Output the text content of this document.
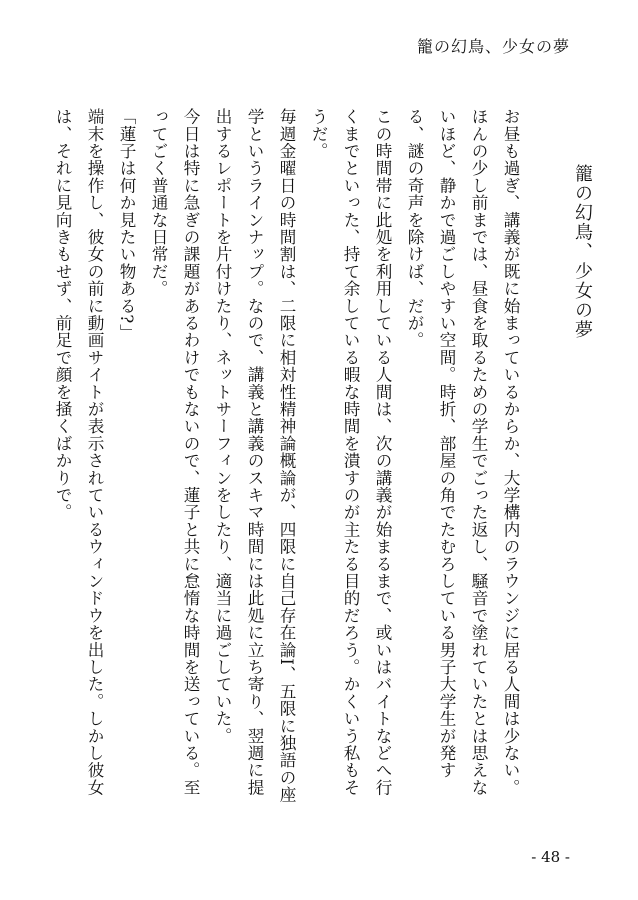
籠の幻鳥、少女の夢
籠の幻鳥、少女の夢

お昼も過ぎ、講義が既に始まっているからか、大学構内のラウンジに居る人間は少ない。

ほんの少し前までは、昼食を取るための学生でごった返し、騒音で塗れていたとは思えないほど、静かで過ごしやすい空間。時折、部屋の角でたむろしている男子大学生が発する、謎の奇声を除けば、だが。

この時間帯に此処を利用している人間は、次の講義が始まるまで、或いはバイトなどへ行くまでといった、持て余している暇な時間を潰すのが主たる目的だろう。かくいう私もそうだ。

毎週金曜日の時間割は、二限に相対性精神論概論が、四限に自己存在論I、五限に独語の座学というラインナップ。なので、講義と講義のスキマ時間には此処に立ち寄り、翌週に提出するレポートを片付けたり、ネットサーフィンをしたり、適当に過ごしていた。

今日は特に急ぎの課題があるわけでもないので、蓮子と共に怠惰な時間を送っている。至ってごく普通な日常だ。

「蓮子は何か見たい物ある?」

端末を操作し、彼女の前に動画サイトが表示されているウィンドウを出した。しかし彼女は、それに見向きもせず、前足で顔を掻くばかりで。

- 48 -
